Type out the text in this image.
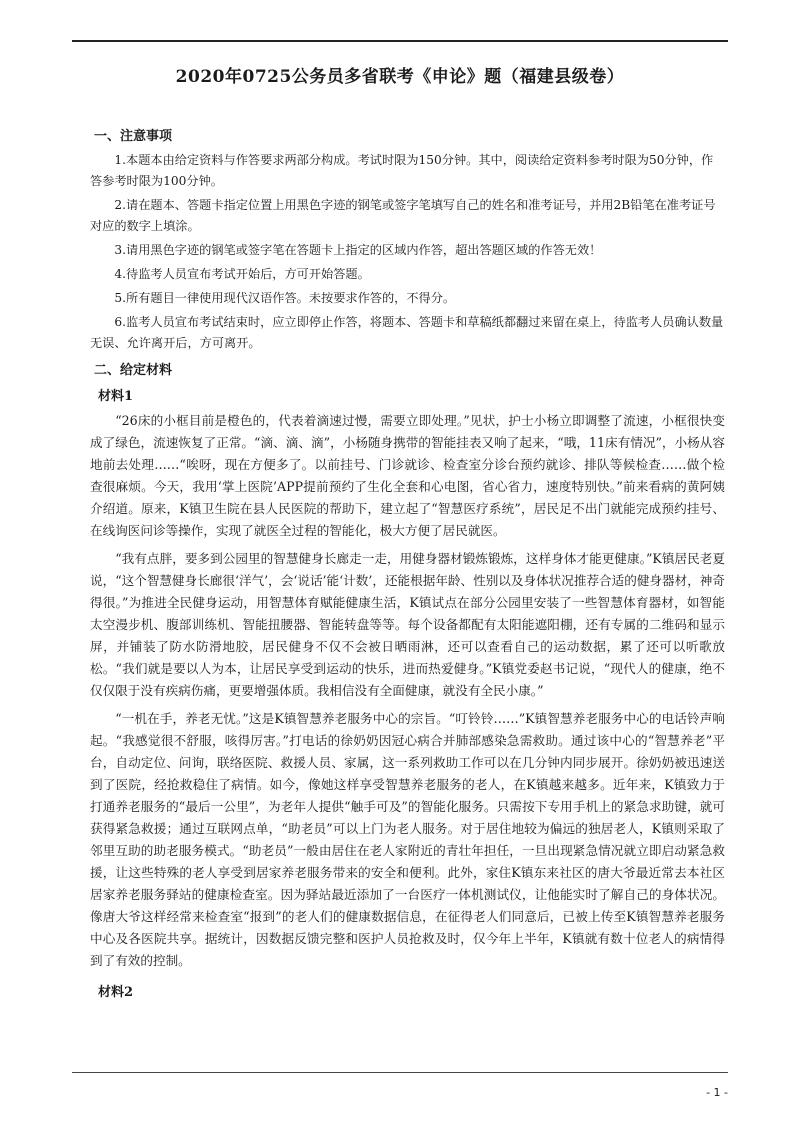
2020年0725公务员多省联考《申论》题（福建县级卷）
一、注意事项

1.本题本由给定资料与作答要求两部分构成。考试时限为150分钟。其中，阅读给定资料参考时限为50分钟，作答参考时限为100分钟。

2.请在题本、答题卡指定位置上用黑色字迹的钢笔或签字笔填写自己的姓名和准考证号，并用2B铅笔在准考证号对应的数字上填涂。

3.请用黑色字迹的钢笔或签字笔在答题卡上指定的区域内作答，超出答题区域的作答无效！

4.待监考人员宣布考试开始后，方可开始答题。

5.所有题目一律使用现代汉语作答。未按要求作答的，不得分。

6.监考人员宣布考试结束时，应立即停止作答，将题本、答题卡和草稿纸都翻过来留在桌上，待监考人员确认数量无误、允许离开后，方可离开。

二、给定材料
材料1

“26床的小框目前是橙色的，代表着滴速过慢，需要立即处理。”见状，护士小杨立即调整了流速，小框很快变成了绿色，流速恢复了正常。“滴、滴、滴”，小杨随身携带的智能挂表又响了起来，“哦，11床有情况”，小杨从容地前去处理……“唉呀，现在方便多了。以前挂号、门诊就诊、检查室分诊台预约就诊、排队等候检查……做个检查很麻烦。今天，我用‘掌上医院’APP提前预约了生化全套和心电图，省心省力，速度特别快。”前来看病的黄阿姨介绍道。原来，K镇卫生院在县人民医院的帮助下，建立起了“智慧医疗系统”，居民足不出门就能完成预约挂号、在线询医问诊等操作，实现了就医全过程的智能化，极大方便了居民就医。

“我有点胖，要多到公园里的智慧健身长廊走一走，用健身器材锻炼锻炼，这样身体才能更健康。”K镇居民老夏说，“这个智慧健身长廊很‘洋气’，会‘说话’能‘计数’，还能根据年龄、性别以及身体状况推荐合适的健身器材，神奇得很。”为推进全民健身运动，用智慧体育赋能健康生活，K镇试点在部分公园里安装了一些智慧体育器材，如智能太空漫步机、腹部训练机、智能扭腰器、智能转盘等等。每个设备都配有太阳能遮阳棚，还有专属的二维码和显示屏，并铺装了防水防滑地胶，居民健身不仅不会被日晒雨淋，还可以查看自己的运动数据，累了还可以听歌放松。“我们就是要以人为本，让居民享受到运动的快乐，进而热爱健身。”K镇党委赵书记说，“现代人的健康，绝不仅仅限于没有疾病伤痛，更要增强体质。我相信没有全面健康，就没有全民小康。”

“一机在手，养老无忧。”这是K镇智慧养老服务中心的宗旨。“叮铃铃……”K镇智慧养老服务中心的电话铃声响起。“我感觉很不舒服，咳得厉害。”打电话的徐奶奶因冠心病合并肺部感染急需救助。通过该中心的“智慧养老”平台，自动定位、问询，联络医院、救援人员、家属，这一系列救助工作可以在几分钟内同步展开。徐奶奶被迅速送到了医院，经抢救稳住了病情。如今，像她这样享受智慧养老服务的老人，在K镇越来越多。近年来，K镇致力于打通养老服务的“最后一公里”，为老年人提供“触手可及”的智能化服务。只需按下专用手机上的紧急求助键，就可获得紧急救援；通过互联网点单，“助老员”可以上门为老人服务。对于居住地较为偏远的独居老人，K镇则采取了邻里互助的助老服务模式。“助老员”一般由居住在老人家附近的青壮年担任，一旦出现紧急情况就立即启动紧急救援，让这些特殊的老人享受到居家养老服务带来的安全和便利。此外，家住K镇东来社区的唐大爷最近常去本社区居家养老服务驿站的健康检查室。因为驿站最近添加了一台医疗一体机测试仪，让他能实时了解自己的身体状况。像唐大爷这样经常来检查室“报到”的老人们的健康数据信息，在征得老人们同意后，已被上传至K镇智慧养老服务中心及各医院共享。据统计，因数据反馈完整和医护人员抢救及时，仅今年上半年，K镇就有数十位老人的病情得到了有效的控制。

材料2
- 1 -
